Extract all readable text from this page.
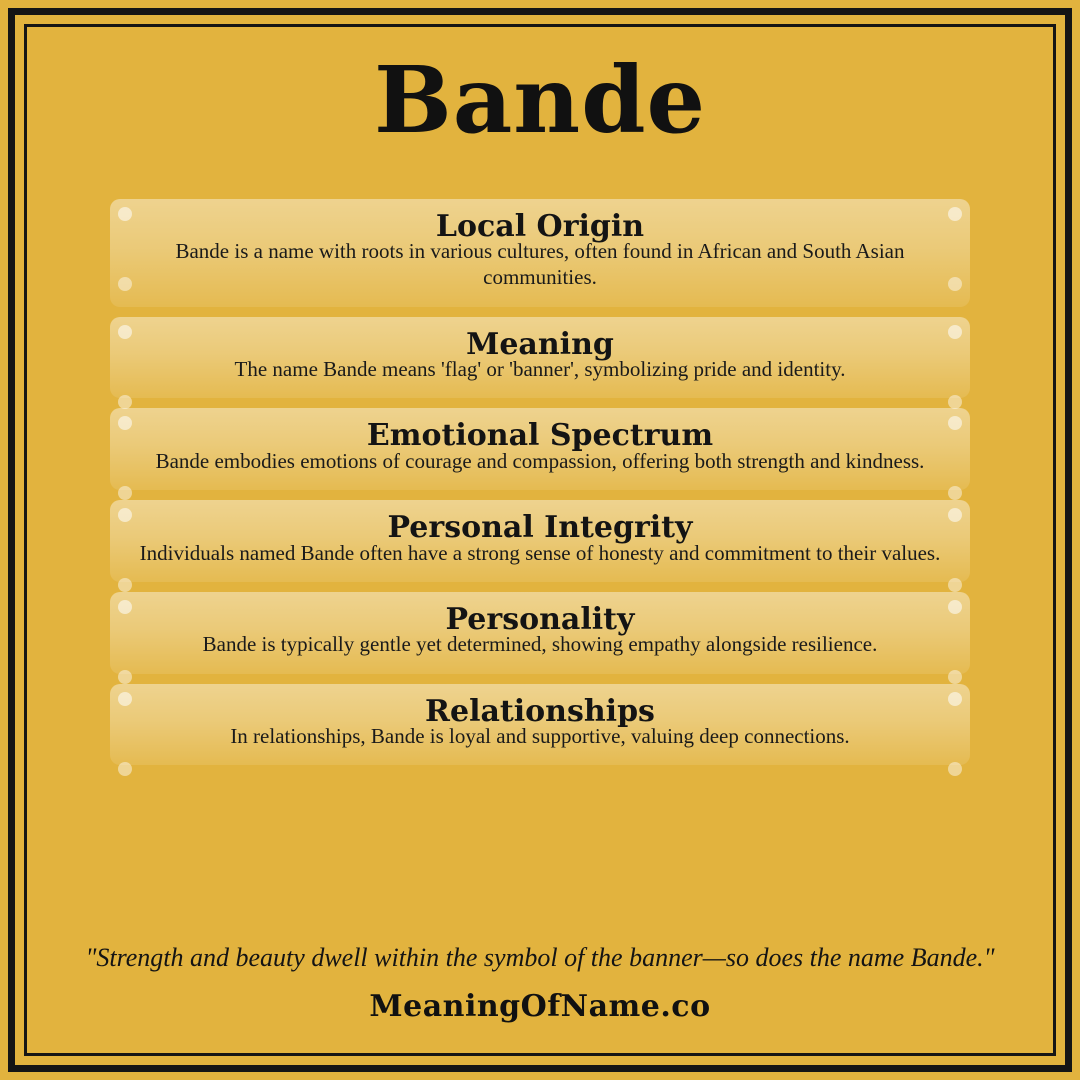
Bande
Local Origin
Bande is a name with roots in various cultures, often found in African and South Asian communities.
Meaning
The name Bande means 'flag' or 'banner', symbolizing pride and identity.
Emotional Spectrum
Bande embodies emotions of courage and compassion, offering both strength and kindness.
Personal Integrity
Individuals named Bande often have a strong sense of honesty and commitment to their values.
Personality
Bande is typically gentle yet determined, showing empathy alongside resilience.
Relationships
In relationships, Bande is loyal and supportive, valuing deep connections.
"Strength and beauty dwell within the symbol of the banner—so does the name Bande."
MeaningOfName.co
